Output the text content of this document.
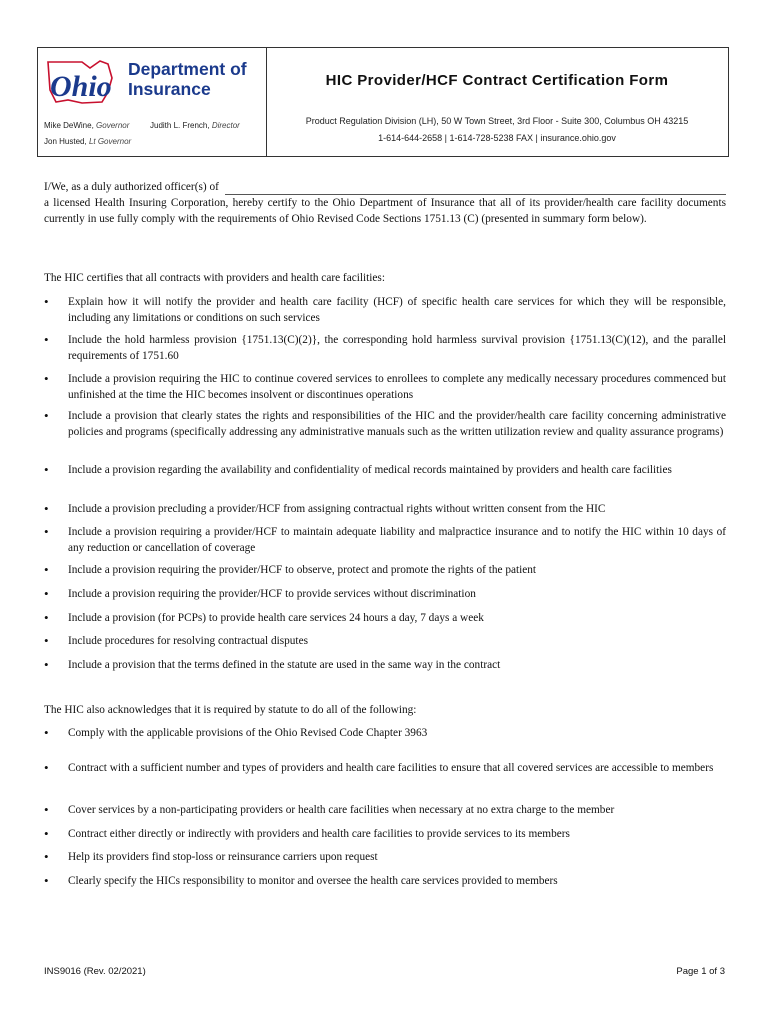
Ohio
Department of
Insurance
Mike DeWine, Governor	Judith L. French, Director
Jon Husted, Lt Governor
HIC Provider/HCF Contract Certification Form
Product Regulation Division (LH), 50 W Town Street, 3rd Floor - Suite 300, Columbus OH 43215
1-614-644-2658 | 1-614-728-5238 FAX | insurance.ohio.gov
I/We, as a duly authorized officer(s) of
a licensed Health Insuring Corporation, hereby certify to the Ohio Department of Insurance that all of its provider/health care facility documents currently in use fully comply with the requirements of Ohio Revised Code Sections 1751.13 (C) (presented in summary form below).
The HIC certifies that all contracts with providers and health care facilities:
• Explain how it will notify the provider and health care facility (HCF) of specific health care services for which they will be responsible, including any limitations or conditions on such services
• Include the hold harmless provision {1751.13(C)(2)}, the corresponding hold harmless survival provision {1751.13(C)(12), and the parallel requirements of 1751.60
• Include a provision requiring the HIC to continue covered services to enrollees to complete any medically necessary procedures commenced but unfinished at the time the HIC becomes insolvent or discontinues operations
• Include a provision that clearly states the rights and responsibilities of the HIC and the provider/health care facility concerning administrative policies and programs (specifically addressing any administrative manuals such as the written utilization review and quality assurance programs)
• Include a provision regarding the availability and confidentiality of medical records maintained by providers and health care facilities
• Include a provision precluding a provider/HCF from assigning contractual rights without written consent from the HIC
• Include a provision requiring a provider/HCF to maintain adequate liability and malpractice insurance and to notify the HIC within 10 days of any reduction or cancellation of coverage
• Include a provision requiring the provider/HCF to observe, protect and promote the rights of the patient
• Include a provision requiring the provider/HCF to provide services without discrimination
• Include a provision (for PCPs) to provide health care services 24 hours a day, 7 days a week
• Include procedures for resolving contractual disputes
• Include a provision that the terms defined in the statute are used in the same way in the contract
The HIC also acknowledges that it is required by statute to do all of the following:
• Comply with the applicable provisions of the Ohio Revised Code Chapter 3963
• Contract with a sufficient number and types of providers and health care facilities to ensure that all covered services are accessible to members
• Cover services by a non-participating providers or health care facilities when necessary at no extra charge to the member
• Contract either directly or indirectly with providers and health care facilities to provide services to its members
• Help its providers find stop-loss or reinsurance carriers upon request
• Clearly specify the HICs responsibility to monitor and oversee the health care services provided to members
INS9016 (Rev. 02/2021)	Page 1 of 3
